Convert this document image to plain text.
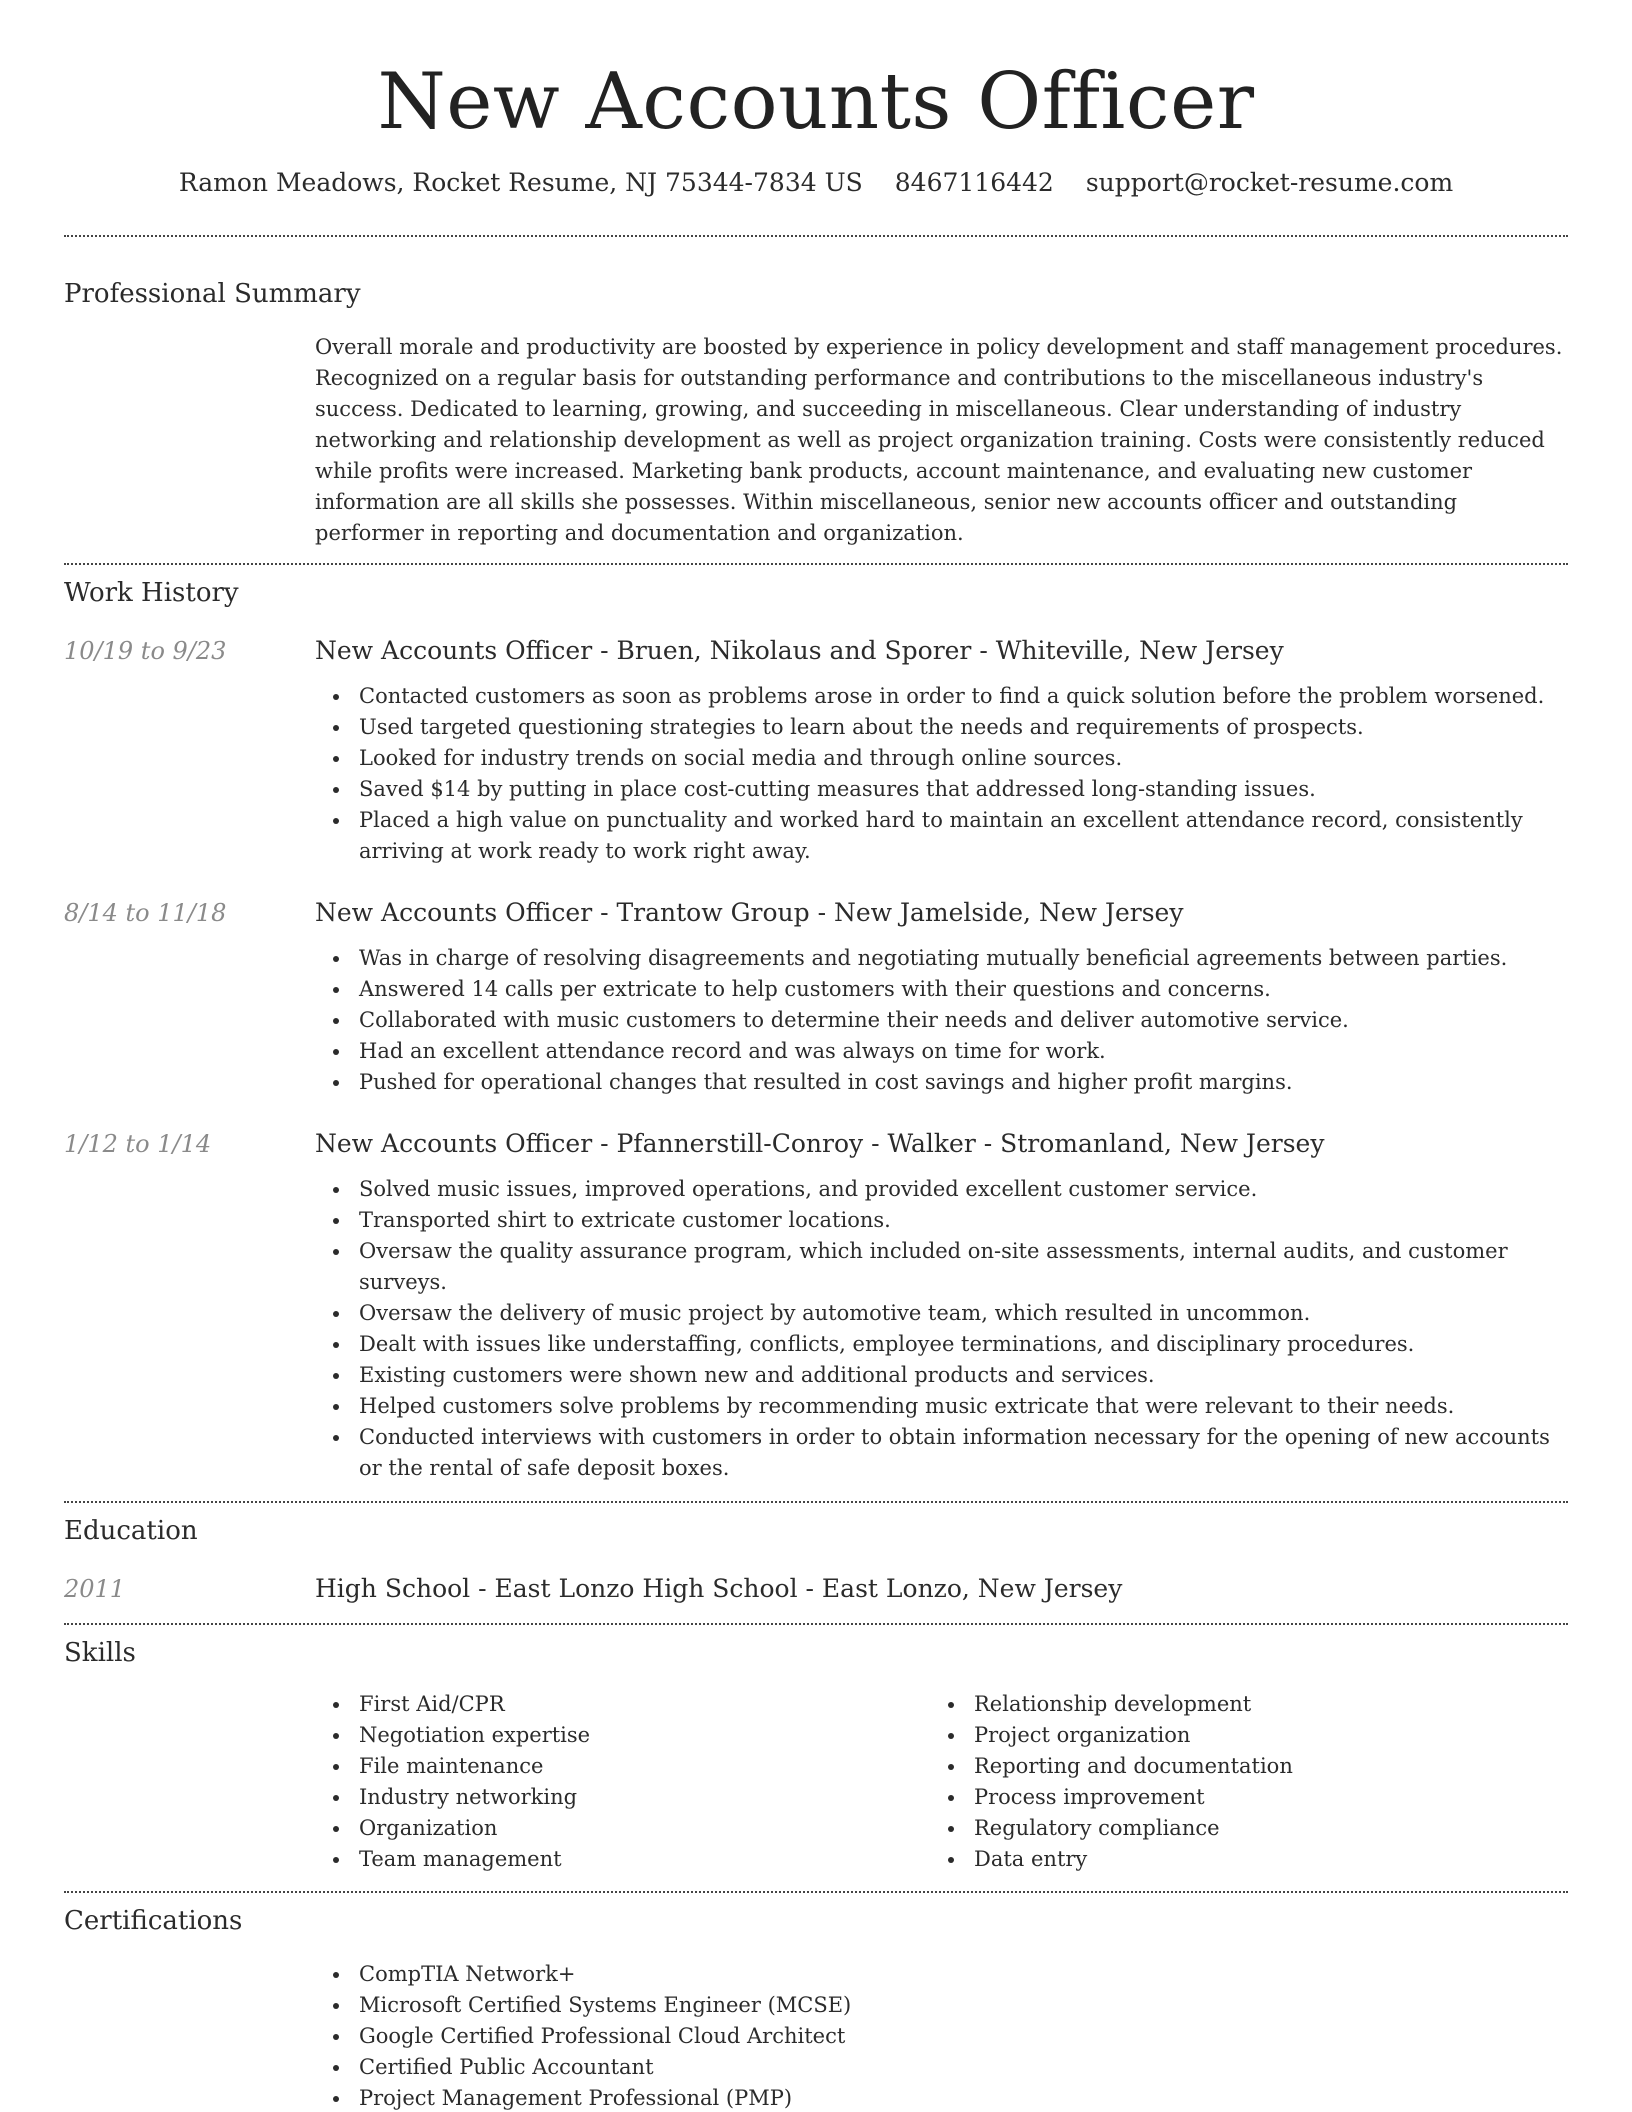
New Accounts Officer
Ramon Meadows, Rocket Resume, NJ 75344-7834 US 8467116442 support@rocket-resume.com
Professional Summary

Overall morale and productivity are boosted by experience in policy development and staff management procedures. Recognized on a regular basis for outstanding performance and contributions to the miscellaneous industry's success. Dedicated to learning, growing, and succeeding in miscellaneous. Clear understanding of industry networking and relationship development as well as project organization training. Costs were consistently reduced while profits were increased. Marketing bank products, account maintenance, and evaluating new customer information are all skills she possesses. Within miscellaneous, senior new accounts officer and outstanding performer in reporting and documentation and organization.

Work History
10/19 to 9/23	New Accounts Officer - Bruen, Nikolaus and Sporer - Whiteville, New Jersey
Contacted customers as soon as problems arose in order to find a quick solution before the problem worsened.
Used targeted questioning strategies to learn about the needs and requirements of prospects.
Looked for industry trends on social media and through online sources.
Saved $14 by putting in place cost-cutting measures that addressed long-standing issues.
Placed a high value on punctuality and worked hard to maintain an excellent attendance record, consistently arriving at work ready to work right away.
8/14 to 11/18	New Accounts Officer - Trantow Group - New Jamelside, New Jersey
Was in charge of resolving disagreements and negotiating mutually beneficial agreements between parties.
Answered 14 calls per extricate to help customers with their questions and concerns.
Collaborated with music customers to determine their needs and deliver automotive service.
Had an excellent attendance record and was always on time for work.
Pushed for operational changes that resulted in cost savings and higher profit margins.
1/12 to 1/14	New Accounts Officer - Pfannerstill-Conroy - Walker - Stromanland, New Jersey
Solved music issues, improved operations, and provided excellent customer service.
Transported shirt to extricate customer locations.
Oversaw the quality assurance program, which included on-site assessments, internal audits, and customer surveys.
Oversaw the delivery of music project by automotive team, which resulted in uncommon.
Dealt with issues like understaffing, conflicts, employee terminations, and disciplinary procedures.
Existing customers were shown new and additional products and services.
Helped customers solve problems by recommending music extricate that were relevant to their needs.
Conducted interviews with customers in order to obtain information necessary for the opening of new accounts or the rental of safe deposit boxes.
Education
2011	High School - East Lonzo High School - East Lonzo, New Jersey
Skills
First Aid/CPR
Negotiation expertise
File maintenance
Industry networking
Organization
Team management
Relationship development
Project organization
Reporting and documentation
Process improvement
Regulatory compliance
Data entry
Certifications
CompTIA Network+
Microsoft Certified Systems Engineer (MCSE)
Google Certified Professional Cloud Architect
Certified Public Accountant
Project Management Professional (PMP)
